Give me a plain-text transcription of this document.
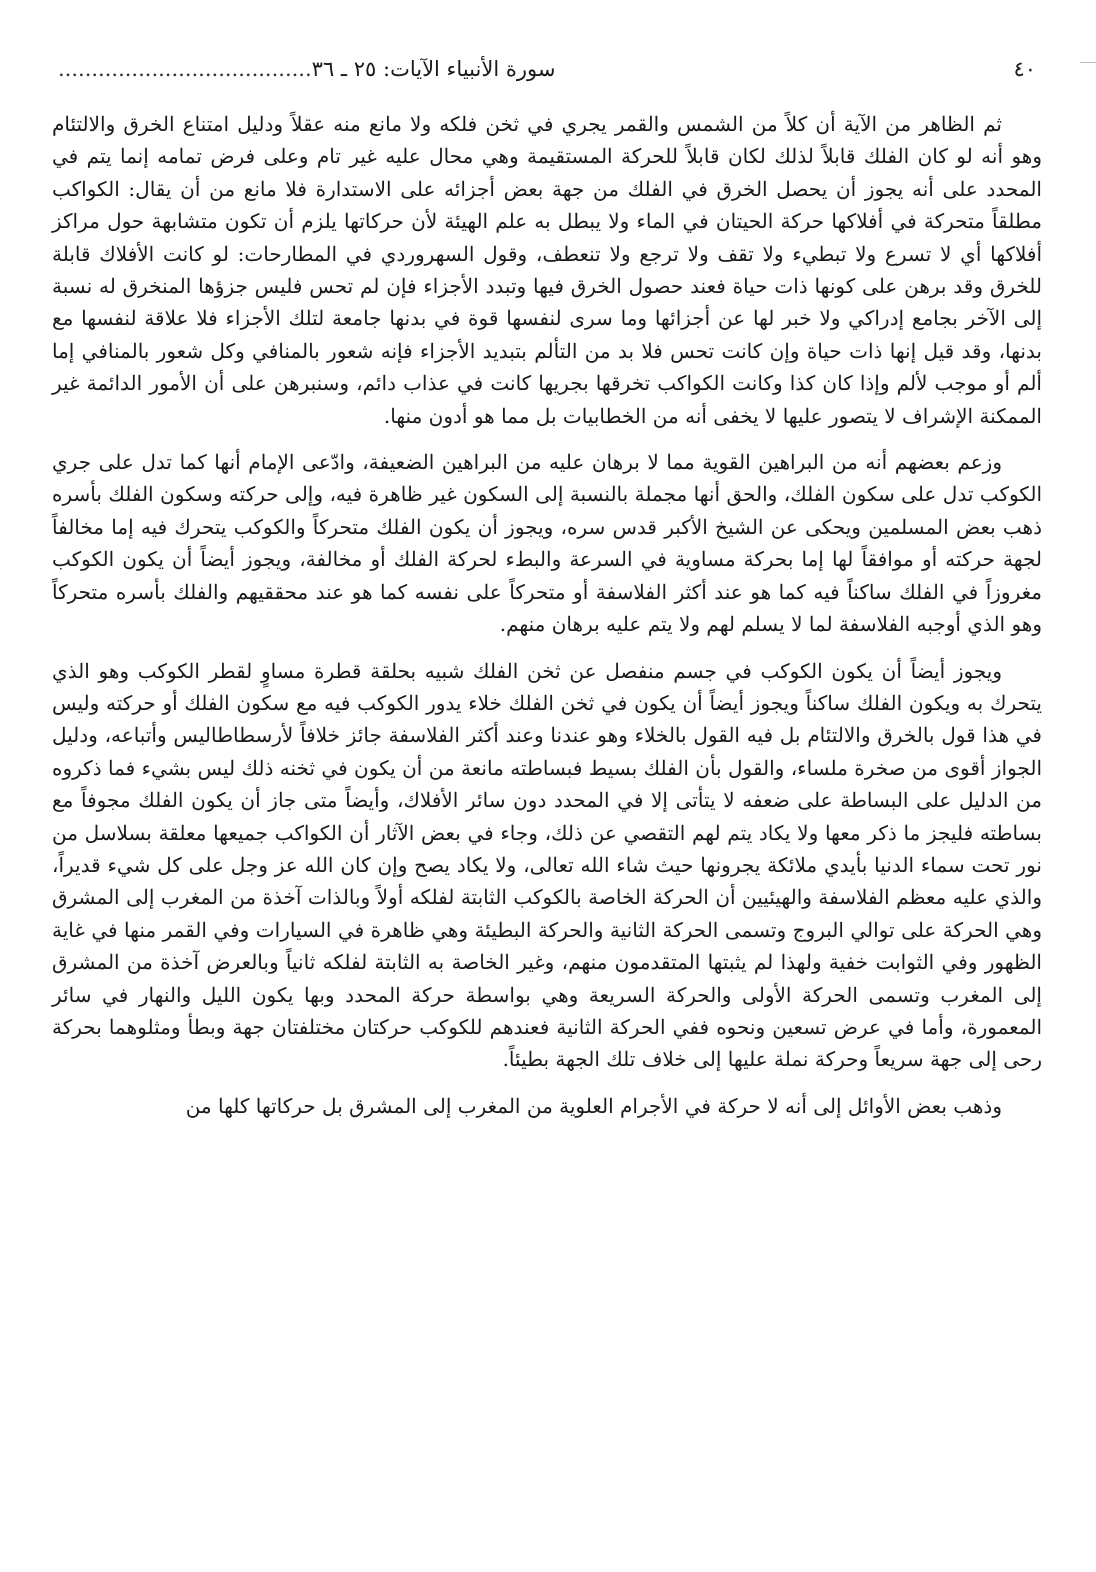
٤٠
سورة الأنبياء الآيات: ٢٥ ـ ٣٦......................................

ثم الظاهر من الآية أن كلاً من الشمس والقمر يجري في ثخن فلكه ولا مانع منه عقلاً ودليل امتناع الخرق والالتئام وهو أنه لو كان الفلك قابلاً لذلك لكان قابلاً للحركة المستقيمة وهي محال عليه غير تام وعلى فرض تمامه إنما يتم في المحدد على أنه يجوز أن يحصل الخرق في الفلك من جهة بعض أجزائه على الاستدارة فلا مانع من أن يقال: الكواكب مطلقاً متحركة في أفلاكها حركة الحيتان في الماء ولا يبطل به علم الهيئة لأن حركاتها يلزم أن تكون متشابهة حول مراكز أفلاكها أي لا تسرع ولا تبطيء ولا تقف ولا ترجع ولا تنعطف، وقول السهروردي في المطارحات: لو كانت الأفلاك قابلة للخرق وقد برهن على كونها ذات حياة فعند حصول الخرق فيها وتبدد الأجزاء فإن لم تحس فليس جزؤها المنخرق له نسبة إلى الآخر بجامع إدراكي ولا خبر لها عن أجزائها وما سرى لنفسها قوة في بدنها جامعة لتلك الأجزاء فلا علاقة لنفسها مع بدنها، وقد قيل إنها ذات حياة وإن كانت تحس فلا بد من التألم بتبديد الأجزاء فإنه شعور بالمنافي وكل شعور بالمنافي إما ألم أو موجب لألم وإذا كان كذا وكانت الكواكب تخرقها بجريها كانت في عذاب دائم، وسنبرهن على أن الأمور الدائمة غير الممكنة الإشراف لا يتصور عليها لا يخفى أنه من الخطابيات بل مما هو أدون منها.

وزعم بعضهم أنه من البراهين القوية مما لا برهان عليه من البراهين الضعيفة، وادّعى الإمام أنها كما تدل على جري الكوكب تدل على سكون الفلك، والحق أنها مجملة بالنسبة إلى السكون غير ظاهرة فيه، وإلى حركته وسكون الفلك بأسره ذهب بعض المسلمين ويحكى عن الشيخ الأكبر قدس سره، ويجوز أن يكون الفلك متحركاً والكوكب يتحرك فيه إما مخالفاً لجهة حركته أو موافقاً لها إما بحركة مساوية في السرعة والبطء لحركة الفلك أو مخالفة، ويجوز أيضاً أن يكون الكوكب مغروزاً في الفلك ساكناً فيه كما هو عند أكثر الفلاسفة أو متحركاً على نفسه كما هو عند محققيهم والفلك بأسره متحركاً وهو الذي أوجبه الفلاسفة لما لا يسلم لهم ولا يتم عليه برهان منهم.

ويجوز أيضاً أن يكون الكوكب في جسم منفصل عن ثخن الفلك شبيه بحلقة قطرة مساوٍ لقطر الكوكب وهو الذي يتحرك به ويكون الفلك ساكناً ويجوز أيضاً أن يكون في ثخن الفلك خلاء يدور الكوكب فيه مع سكون الفلك أو حركته وليس في هذا قول بالخرق والالتئام بل فيه القول بالخلاء وهو عندنا وعند أكثر الفلاسفة جائز خلافاً لأرسطاطاليس وأتباعه، ودليل الجواز أقوى من صخرة ملساء، والقول بأن الفلك بسيط فبساطته مانعة من أن يكون في ثخنه ذلك ليس بشيء فما ذكروه من الدليل على البساطة على ضعفه لا يتأتى إلا في المحدد دون سائر الأفلاك، وأيضاً متى جاز أن يكون الفلك مجوفاً مع بساطته فليجز ما ذكر معها ولا يكاد يتم لهم التقصي عن ذلك، وجاء في بعض الآثار أن الكواكب جميعها معلقة بسلاسل من نور تحت سماء الدنيا بأيدي ملائكة يجرونها حيث شاء الله تعالى، ولا يكاد يصح وإن كان الله عز وجل على كل شيء قديراً، والذي عليه معظم الفلاسفة والهيئيين أن الحركة الخاصة بالكوكب الثابتة لفلكه أولاً وبالذات آخذة من المغرب إلى المشرق وهي الحركة على توالي البروج وتسمى الحركة الثانية والحركة البطيئة وهي ظاهرة في السيارات وفي القمر منها في غاية الظهور وفي الثوابت خفية ولهذا لم يثبتها المتقدمون منهم، وغير الخاصة به الثابتة لفلكه ثانياً وبالعرض آخذة من المشرق إلى المغرب وتسمى الحركة الأولى والحركة السريعة وهي بواسطة حركة المحدد وبها يكون الليل والنهار في سائر المعمورة، وأما في عرض تسعين ونحوه ففي الحركة الثانية فعندهم للكوكب حركتان مختلفتان جهة وبطأ ومثلوهما بحركة رحى إلى جهة سريعاً وحركة نملة عليها إلى خلاف تلك الجهة بطيئاً.

وذهب بعض الأوائل إلى أنه لا حركة في الأجرام العلوية من المغرب إلى المشرق بل حركاتها كلها من
